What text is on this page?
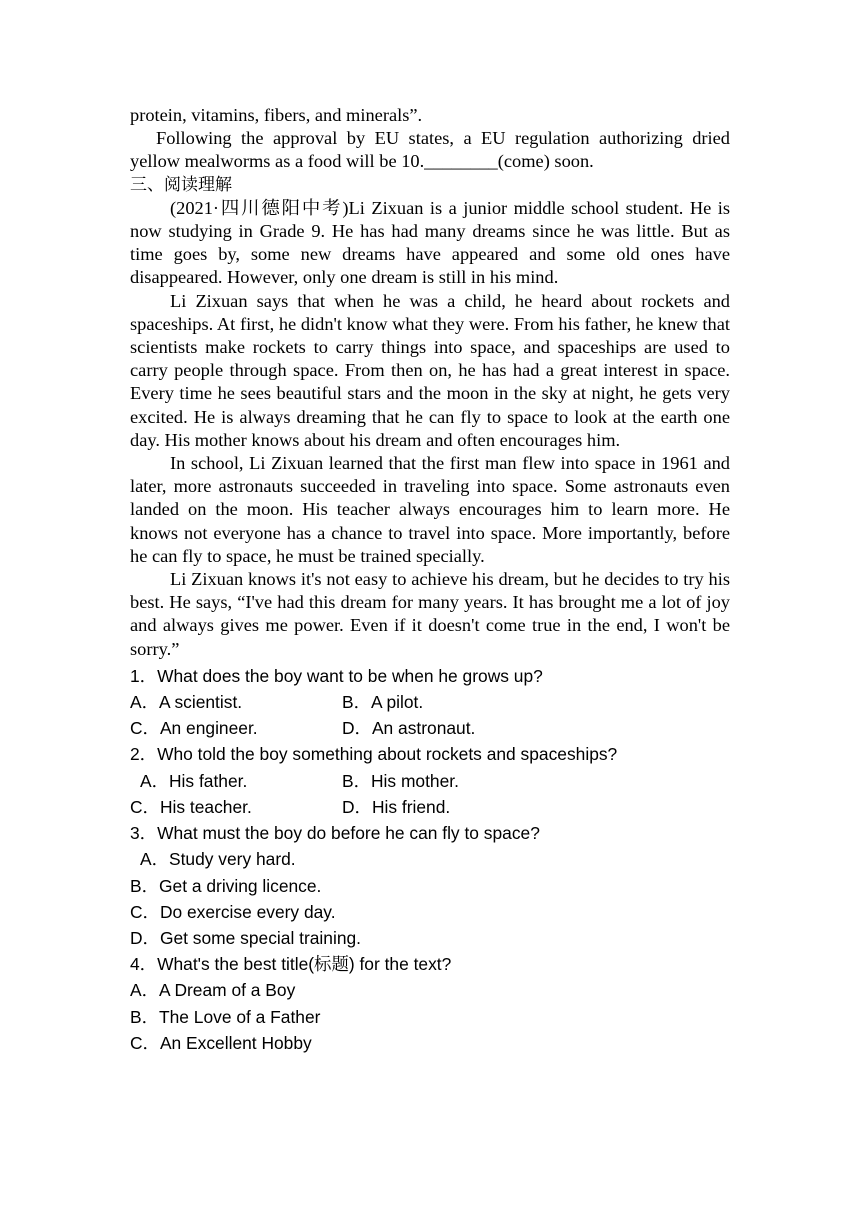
protein, vitamins, fibers, and minerals”.

Following the approval by EU states, a EU regulation authorizing dried yellow mealworms as a food will be 10.________(come) soon.

三、阅读理解

(2021·四川德阳中考)Li Zixuan is a junior middle school student. He is now studying in Grade 9. He has had many dreams since he was little. But as time goes by, some new dreams have appeared and some old ones have disappeared. However, only one dream is still in his mind.

Li Zixuan says that when he was a child, he heard about rockets and spaceships. At first, he didn't know what they were. From his father, he knew that scientists make rockets to carry things into space, and spaceships are used to carry people through space. From then on, he has had a great interest in space. Every time he sees beautiful stars and the moon in the sky at night, he gets very excited. He is always dreaming that he can fly to space to look at the earth one day. His mother knows about his dream and often encourages him.

In school, Li Zixuan learned that the first man flew into space in 1961 and later, more astronauts succeeded in traveling into space. Some astronauts even landed on the moon. His teacher always encourages him to learn more. He knows not everyone has a chance to travel into space. More importantly, before he can fly to space, he must be trained specially.

Li Zixuan knows it's not easy to achieve his dream, but he decides to try his best. He says, “I've had this dream for many years. It has brought me a lot of joy and always gives me power. Even if it doesn't come true in the end, I won't be sorry.”

1．What does the boy want to be when he grows up?

A．A scientist.	B．A pilot.
C．An engineer.	D．An astronaut.

2．Who told the boy something about rockets and spaceships?

A．His father.	B．His mother.
C．His teacher.	D．His friend.

3．What must the boy do before he can fly to space?

A．Study very hard.

B．Get a driving licence.

C．Do exercise every day.

D．Get some special training.

4．What's the best title(标题) for the text?

A．A Dream of a Boy

B．The Love of a Father

C．An Excellent Hobby
